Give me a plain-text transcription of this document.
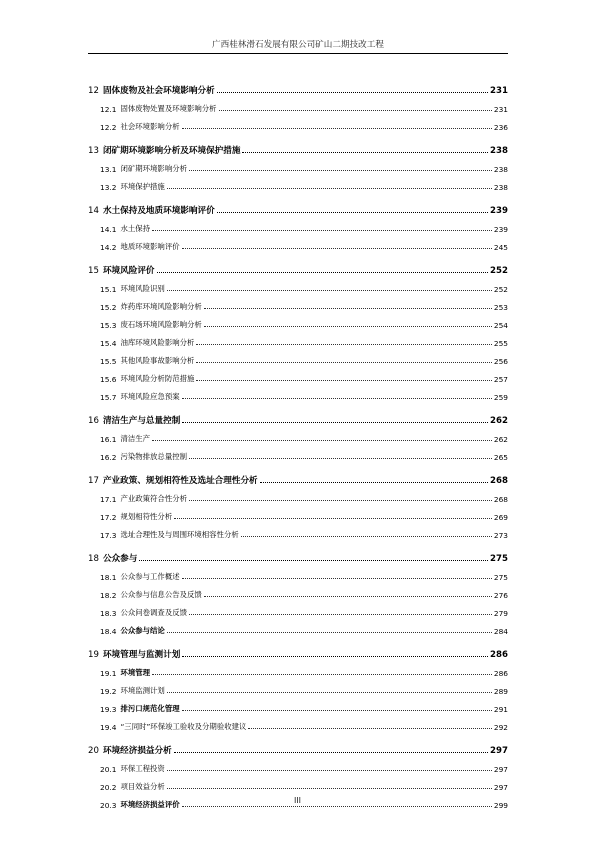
广西桂林滑石发展有限公司矿山二期技改工程
12 固体废物及社会环境影响分析	231
12.1 固体废物处置及环境影响分析	231
12.2 社会环境影响分析	236
13 闭矿期环境影响分析及环境保护措施	238
13.1 闭矿期环境影响分析	238
13.2 环境保护措施	238
14 水土保持及地质环境影响评价	239
14.1 水土保持	239
14.2 地质环境影响评价	245
15 环境风险评价	252
15.1 环境风险识别	252
15.2 炸药库环境风险影响分析	253
15.3 废石场环境风险影响分析	254
15.4 油库环境风险影响分析	255
15.5 其他风险事故影响分析	256
15.6 环境风险分析防范措施	257
15.7 环境风险应急预案	259
16 清洁生产与总量控制	262
16.1 清洁生产	262
16.2 污染物排放总量控制	265
17 产业政策、规划相符性及选址合理性分析	268
17.1 产业政策符合性分析	268
17.2 规划相符性分析	269
17.3 选址合理性及与周围环境相容性分析	273
18 公众参与	275
18.1 公众参与工作概述	275
18.2 公众参与信息公告及反馈	276
18.3 公众问卷调查及反馈	279
18.4 公众参与结论	284
19 环境管理与监测计划	286
19.1 环境管理	286
19.2 环境监测计划	289
19.3 排污口规范化管理	291
19.4 “三同时”环保竣工验收及分期验收建议	292
20 环境经济损益分析	297
20.1 环保工程投资	297
20.2 项目效益分析	297
20.3 环境经济损益评价	299
III
